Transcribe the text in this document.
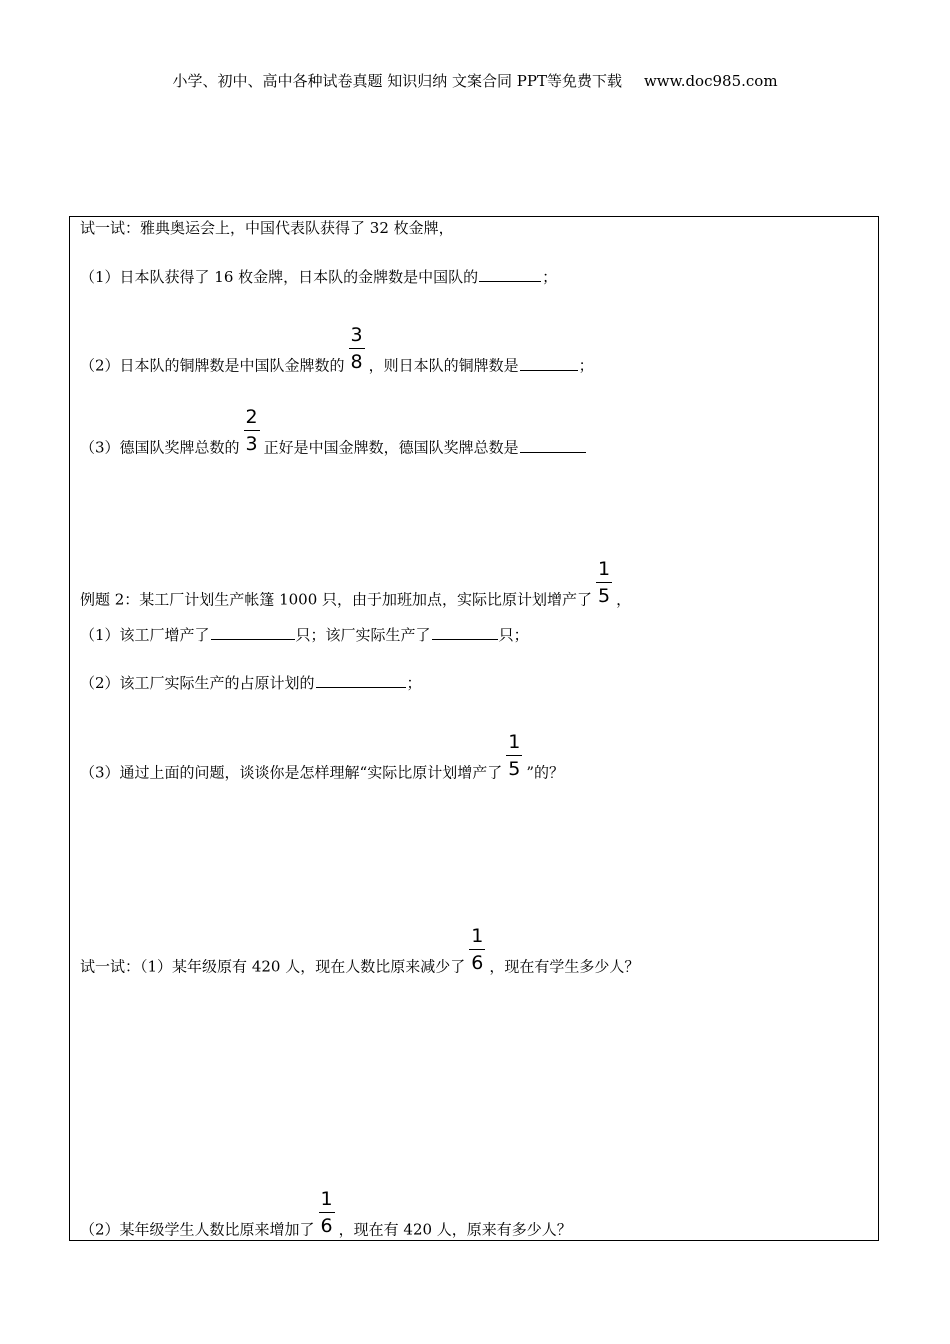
小学、初中、高中各种试卷真题 知识归纳 文案合同 PPT等免费下载 www.doc985.com
试一试：雅典奥运会上，中国代表队获得了 32 枚金牌，
（1）日本队获得了 16 枚金牌，日本队的金牌数是中国队的	；
（2）日本队的铜牌数是中国队金牌数的 $\frac{3}{8}$ ，则日本队的铜牌数是	；
（3）德国队奖牌总数的 $\frac{2}{3}$ 正好是中国金牌数，德国队奖牌总数是
例题 2：某工厂计划生产帐篷 1000 只，由于加班加点，实际比原计划增产了 $\frac{1}{5}$ ，
（1）该工厂增产了	只；该厂实际生产了	只；
（2）该工厂实际生产的占原计划的	；
（3）通过上面的问题，谈谈你是怎样理解“实际比原计划增产了 $\frac{1}{5}$ ”的？
试一试：（1）某年级原有 420 人，现在人数比原来减少了 $\frac{1}{6}$ ，现在有学生多少人？
（2）某年级学生人数比原来增加了 $\frac{1}{6}$ ，现在有 420 人，原来有多少人？
